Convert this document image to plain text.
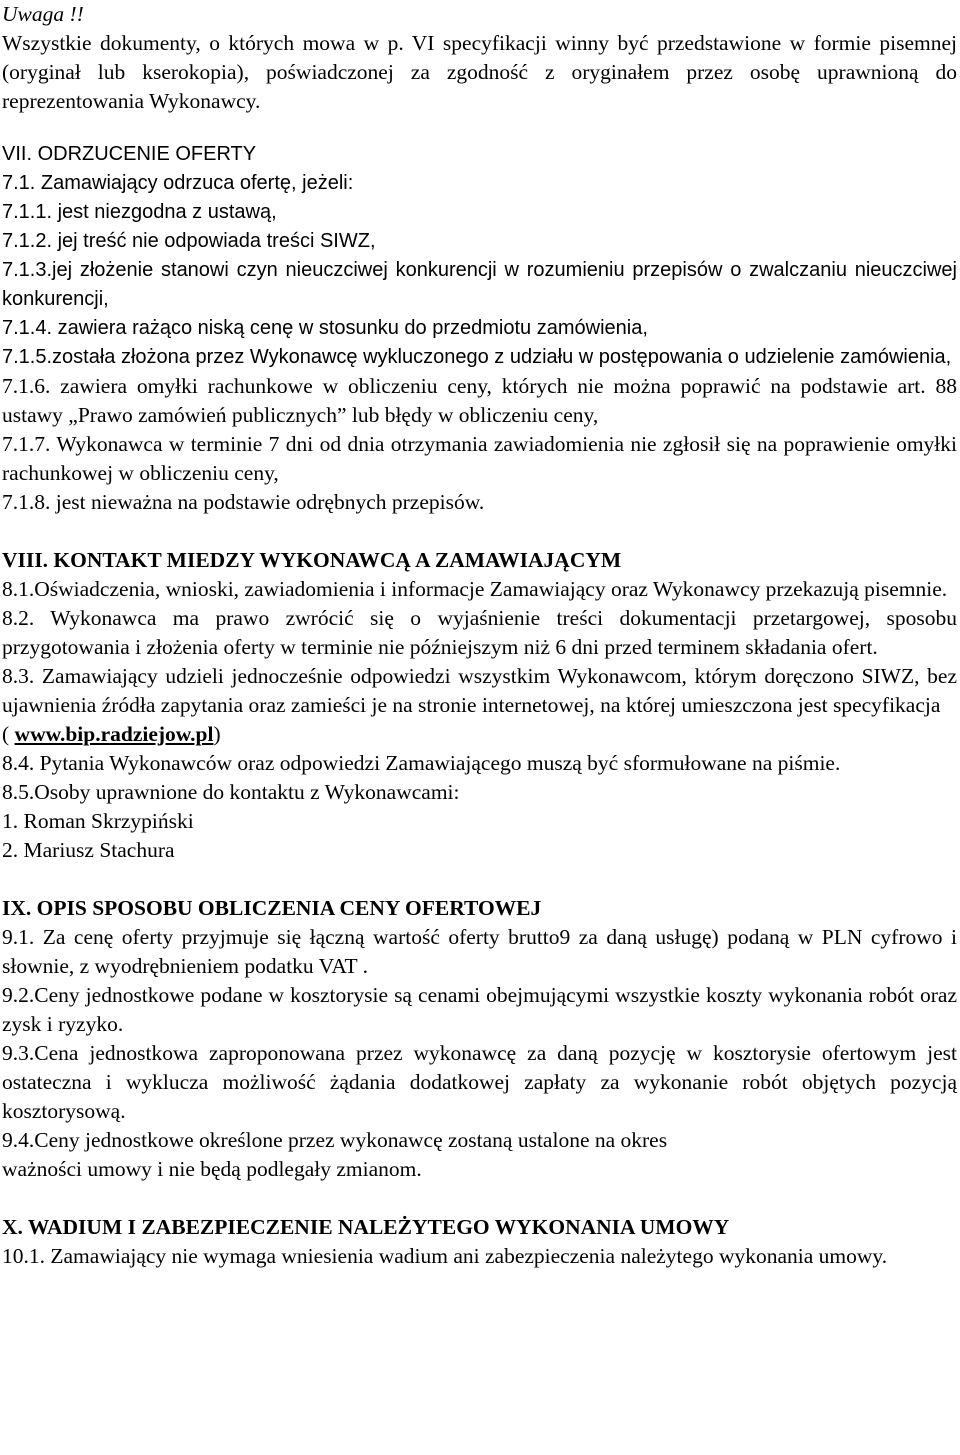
Uwaga !!

Wszystkie dokumenty, o których mowa w p. VI specyfikacji winny być przedstawione w formie pisemnej (oryginał lub kserokopia), poświadczonej za zgodność z oryginałem przez osobę uprawnioną do reprezentowania Wykonawcy.

VII. ODRZUCENIE OFERTY

7.1. Zamawiający odrzuca ofertę, jeżeli:

7.1.1. jest niezgodna z ustawą,

7.1.2. jej treść nie odpowiada treści SIWZ,

7.1.3.jej złożenie stanowi czyn nieuczciwej konkurencji w rozumieniu przepisów o zwalczaniu nieuczciwej konkurencji,

7.1.4. zawiera rażąco niską cenę w stosunku do przedmiotu zamówienia,

7.1.5.została złożona przez Wykonawcę wykluczonego z udziału w postępowania o udzielenie zamówienia,

7.1.6. zawiera omyłki rachunkowe w obliczeniu ceny, których nie można poprawić na podstawie art. 88 ustawy „Prawo zamówień publicznych” lub błędy w obliczeniu ceny,

7.1.7. Wykonawca w terminie 7 dni od dnia otrzymania zawiadomienia nie zgłosił się na poprawienie omyłki rachunkowej w obliczeniu ceny,

7.1.8. jest nieważna na podstawie odrębnych przepisów.

VIII. KONTAKT MIEDZY WYKONAWCĄ A ZAMAWIAJĄCYM

8.1.Oświadczenia, wnioski, zawiadomienia i informacje Zamawiający oraz Wykonawcy przekazują pisemnie.

8.2. Wykonawca ma prawo zwrócić się o wyjaśnienie treści dokumentacji przetargowej, sposobu przygotowania i złożenia oferty w terminie nie późniejszym niż 6 dni przed terminem składania ofert.

8.3. Zamawiający udzieli jednocześnie odpowiedzi wszystkim Wykonawcom, którym doręczono SIWZ, bez ujawnienia źródła zapytania oraz zamieści je na stronie internetowej, na której umieszczona jest specyfikacja

( www.bip.radziejow.pl)

8.4. Pytania Wykonawców oraz odpowiedzi Zamawiającego muszą być sformułowane na piśmie.

8.5.Osoby uprawnione do kontaktu z Wykonawcami:

1. Roman Skrzypiński

2. Mariusz Stachura

IX. OPIS SPOSOBU OBLICZENIA CENY OFERTOWEJ

9.1. Za cenę oferty przyjmuje się łączną wartość oferty brutto9 za daną usługę) podaną w PLN cyfrowo i słownie, z wyodrębnieniem podatku VAT .

9.2.Ceny jednostkowe podane w kosztorysie są cenami obejmującymi wszystkie koszty wykonania robót oraz zysk i ryzyko.

9.3.Cena jednostkowa zaproponowana przez wykonawcę za daną pozycję w kosztorysie ofertowym jest ostateczna i wyklucza możliwość żądania dodatkowej zapłaty za wykonanie robót objętych pozycją kosztorysową.

9.4.Ceny jednostkowe określone przez wykonawcę zostaną ustalone na okres

ważności umowy i nie będą podlegały zmianom.

X. WADIUM I ZABEZPIECZENIE NALEŻYTEGO WYKONANIA UMOWY

10.1. Zamawiający nie wymaga wniesienia wadium ani zabezpieczenia należytego wykonania umowy.
